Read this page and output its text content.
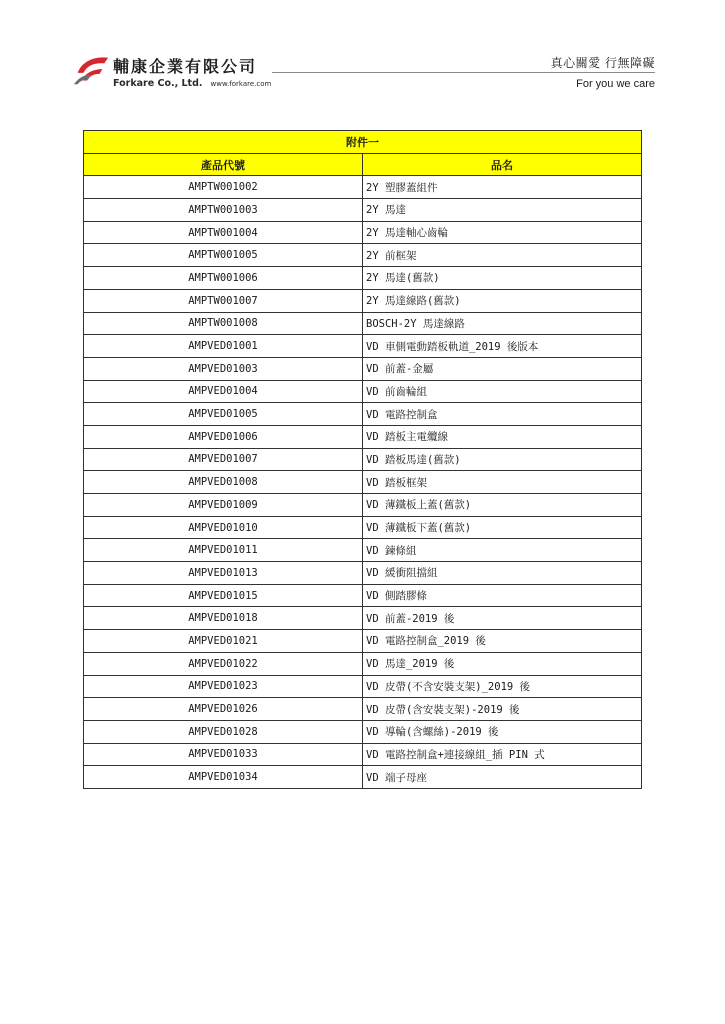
輔康企業有限公司
Forkare Co., Ltd. www.forkare.com
真心關愛 行無障礙
For you we care
附件一	
產品代號	品名
AMPTW001002	2Y 塑膠蓋組件
AMPTW001003	2Y 馬達
AMPTW001004	2Y 馬達軸心齒輪
AMPTW001005	2Y 前框架
AMPTW001006	2Y 馬達(舊款)
AMPTW001007	2Y 馬達線路(舊款)
AMPTW001008	BOSCH-2Y 馬達線路
AMPVED01001	VD 車側電動踏板軌道_2019 後版本
AMPVED01003	VD 前蓋-金屬
AMPVED01004	VD 前齒輪組
AMPVED01005	VD 電路控制盒
AMPVED01006	VD 踏板主電纜線
AMPVED01007	VD 踏板馬達(舊款)
AMPVED01008	VD 踏板框架
AMPVED01009	VD 薄鐵板上蓋(舊款)
AMPVED01010	VD 薄鐵板下蓋(舊款)
AMPVED01011	VD 鍊條組
AMPVED01013	VD 緩衝阻擋組
AMPVED01015	VD 側踏膠條
AMPVED01018	VD 前蓋-2019 後
AMPVED01021	VD 電路控制盒_2019 後
AMPVED01022	VD 馬達_2019 後
AMPVED01023	VD 皮帶(不含安裝支架)_2019 後
AMPVED01026	VD 皮帶(含安裝支架)-2019 後
AMPVED01028	VD 導輪(含螺絲)-2019 後
AMPVED01033	VD 電路控制盒+連接線組_插 PIN 式
AMPVED01034	VD 端子母座
